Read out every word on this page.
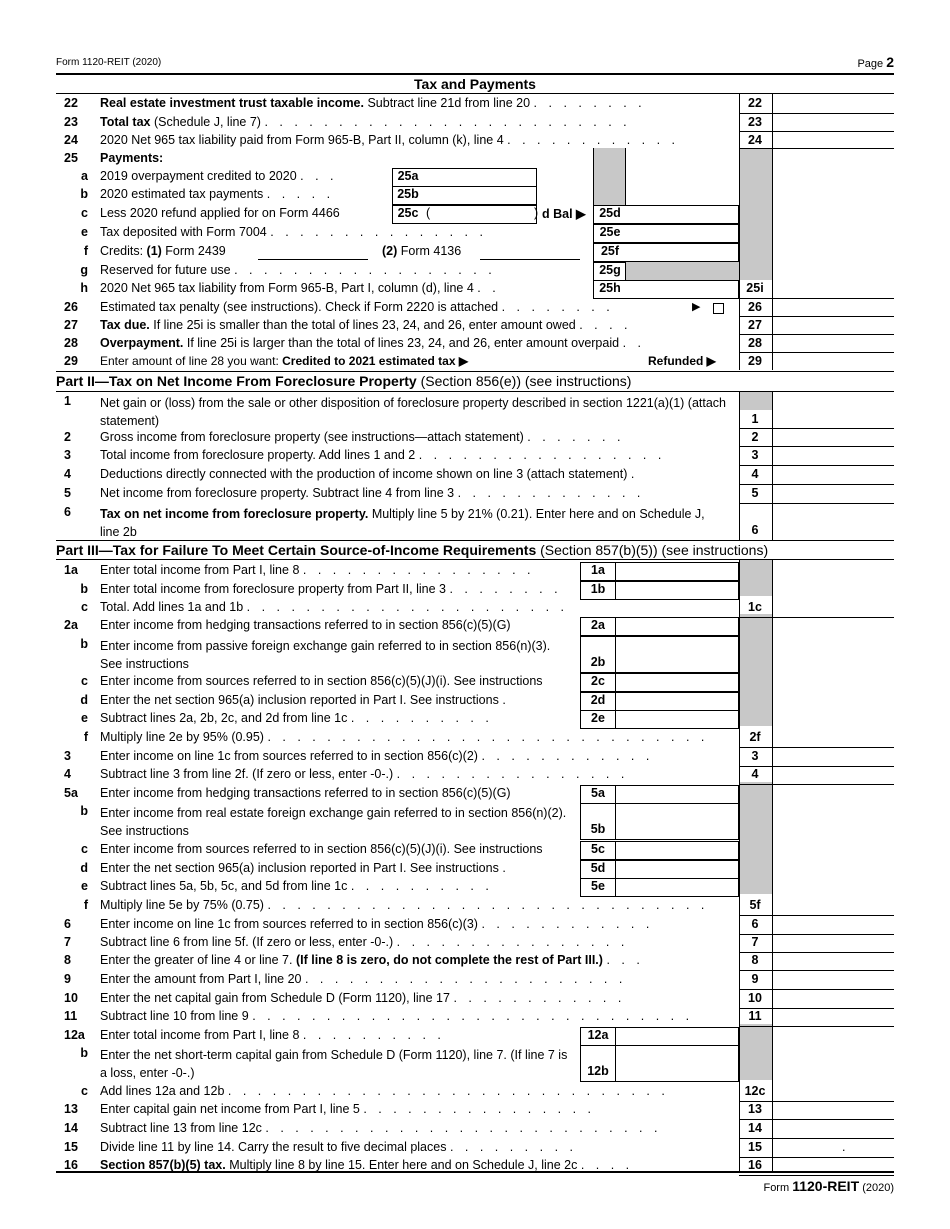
Form 1120-REIT (2020)	Page 2
Tax and Payments
22 Real estate investment trust taxable income. Subtract line 21d from line 20 . . . . . . . .	22
23 Total tax (Schedule J, line 7) . . . . . . . . . . . . . . . . . . . . . . . . .	23
24 2020 Net 965 tax liability paid from Form 965-B, Part II, column (k), line 4 . . . . . . . . . . . .	24
25 Payments:
a 2019 overpayment credited to 2020 . . .	25a
b 2020 estimated tax payments . . . . .	25b
c Less 2020 refund applied for on Form 4466	25c (	) d Bal ▶	25d
e Tax deposited with Form 7004 . . . . . . . . . . . . . . .	25e
f Credits: (1) Form 2439	(2) Form 4136	25f
g Reserved for future use . . . . . . . . . . . . . . . . . .	25g
h 2020 Net 965 tax liability from Form 965-B, Part I, column (d), line 4 . .	25h	25i
26 Estimated tax penalty (see instructions). Check if Form 2220 is attached . . . . . . . .	▶	26
27 Tax due. If line 25i is smaller than the total of lines 23, 24, and 26, enter amount owed . . . .	27
28 Overpayment. If line 25i is larger than the total of lines 23, 24, and 26, enter amount overpaid . .	28
29 Enter amount of line 28 you want: Credited to 2021 estimated tax ▶	Refunded ▶	29
Part II—Tax on Net Income From Foreclosure Property (Section 856(e)) (see instructions)
1 Net gain or (loss) from the sale or other disposition of foreclosure property described in section 1221(a)(1) (attach statement)	1
2 Gross income from foreclosure property (see instructions—attach statement) . . . . . . .	2
3 Total income from foreclosure property. Add lines 1 and 2 . . . . . . . . . . . . . . . . .	3
4 Deductions directly connected with the production of income shown on line 3 (attach statement) .	4
5 Net income from foreclosure property. Subtract line 4 from line 3 . . . . . . . . . . . . .	5
6 Tax on net income from foreclosure property. Multiply line 5 by 21% (0.21). Enter here and on Schedule J, line 2b	6
Part III—Tax for Failure To Meet Certain Source-of-Income Requirements (Section 857(b)(5)) (see instructions)
1a Enter total income from Part I, line 8 . . . . . . . . . . . . . . . .	1a
b Enter total income from foreclosure property from Part II, line 3 . . . . . . . .	1b
c Total. Add lines 1a and 1b . . . . . . . . . . . . . . . . . . . . . .	1c
2a Enter income from hedging transactions referred to in section 856(c)(5)(G)	2a
b Enter income from passive foreign exchange gain referred to in section 856(n)(3). See instructions	2b
c Enter income from sources referred to in section 856(c)(5)(J)(i). See instructions	2c
d Enter the net section 965(a) inclusion reported in Part I. See instructions .	2d
e Subtract lines 2a, 2b, 2c, and 2d from line 1c . . . . . . . . . .	2e
f Multiply line 2e by 95% (0.95) . . . . . . . . . . . . . . . . . . . . . . . . . . . . . .	2f
3 Enter income on line 1c from sources referred to in section 856(c)(2) . . . . . . . . . . . .	3
4 Subtract line 3 from line 2f. (If zero or less, enter -0-.) . . . . . . . . . . . . . . . .	4
5a Enter income from hedging transactions referred to in section 856(c)(5)(G)	5a
b Enter income from real estate foreign exchange gain referred to in section 856(n)(2). See instructions	5b
c Enter income from sources referred to in section 856(c)(5)(J)(i). See instructions	5c
d Enter the net section 965(a) inclusion reported in Part I. See instructions .	5d
e Subtract lines 5a, 5b, 5c, and 5d from line 1c . . . . . . . . . .	5e
f Multiply line 5e by 75% (0.75) . . . . . . . . . . . . . . . . . . . . . . . . . . . . . .	5f
6 Enter income on line 1c from sources referred to in section 856(c)(3) . . . . . . . . . . . .	6
7 Subtract line 6 from line 5f. (If zero or less, enter -0-.) . . . . . . . . . . . . . . . .	7
8 Enter the greater of line 4 or line 7. (If line 8 is zero, do not complete the rest of Part III.) . . .	8
9 Enter the amount from Part I, line 20 . . . . . . . . . . . . . . . . . . . . . .	9
10 Enter the net capital gain from Schedule D (Form 1120), line 17 . . . . . . . . . . . .	10
11 Subtract line 10 from line 9 . . . . . . . . . . . . . . . . . . . . . . . . . . . . . .	11
12a Enter total income from Part I, line 8 . . . . . . . . . .	12a
b Enter the net short-term capital gain from Schedule D (Form 1120), line 7. (If line 7 is a loss, enter -0-.)	12b
c Add lines 12a and 12b . . . . . . . . . . . . . . . . . . . . . . . . . . . . . .	12c
13 Enter capital gain net income from Part I, line 5 . . . . . . . . . . . . . . . .	13
14 Subtract line 13 from line 12c . . . . . . . . . . . . . . . . . . . . . . . . . . .	14
15 Divide line 11 by line 14. Carry the result to five decimal places . . . . . . . . .	15	.
16 Section 857(b)(5) tax. Multiply line 8 by line 15. Enter here and on Schedule J, line 2c . . . .	16
Form 1120-REIT (2020)
